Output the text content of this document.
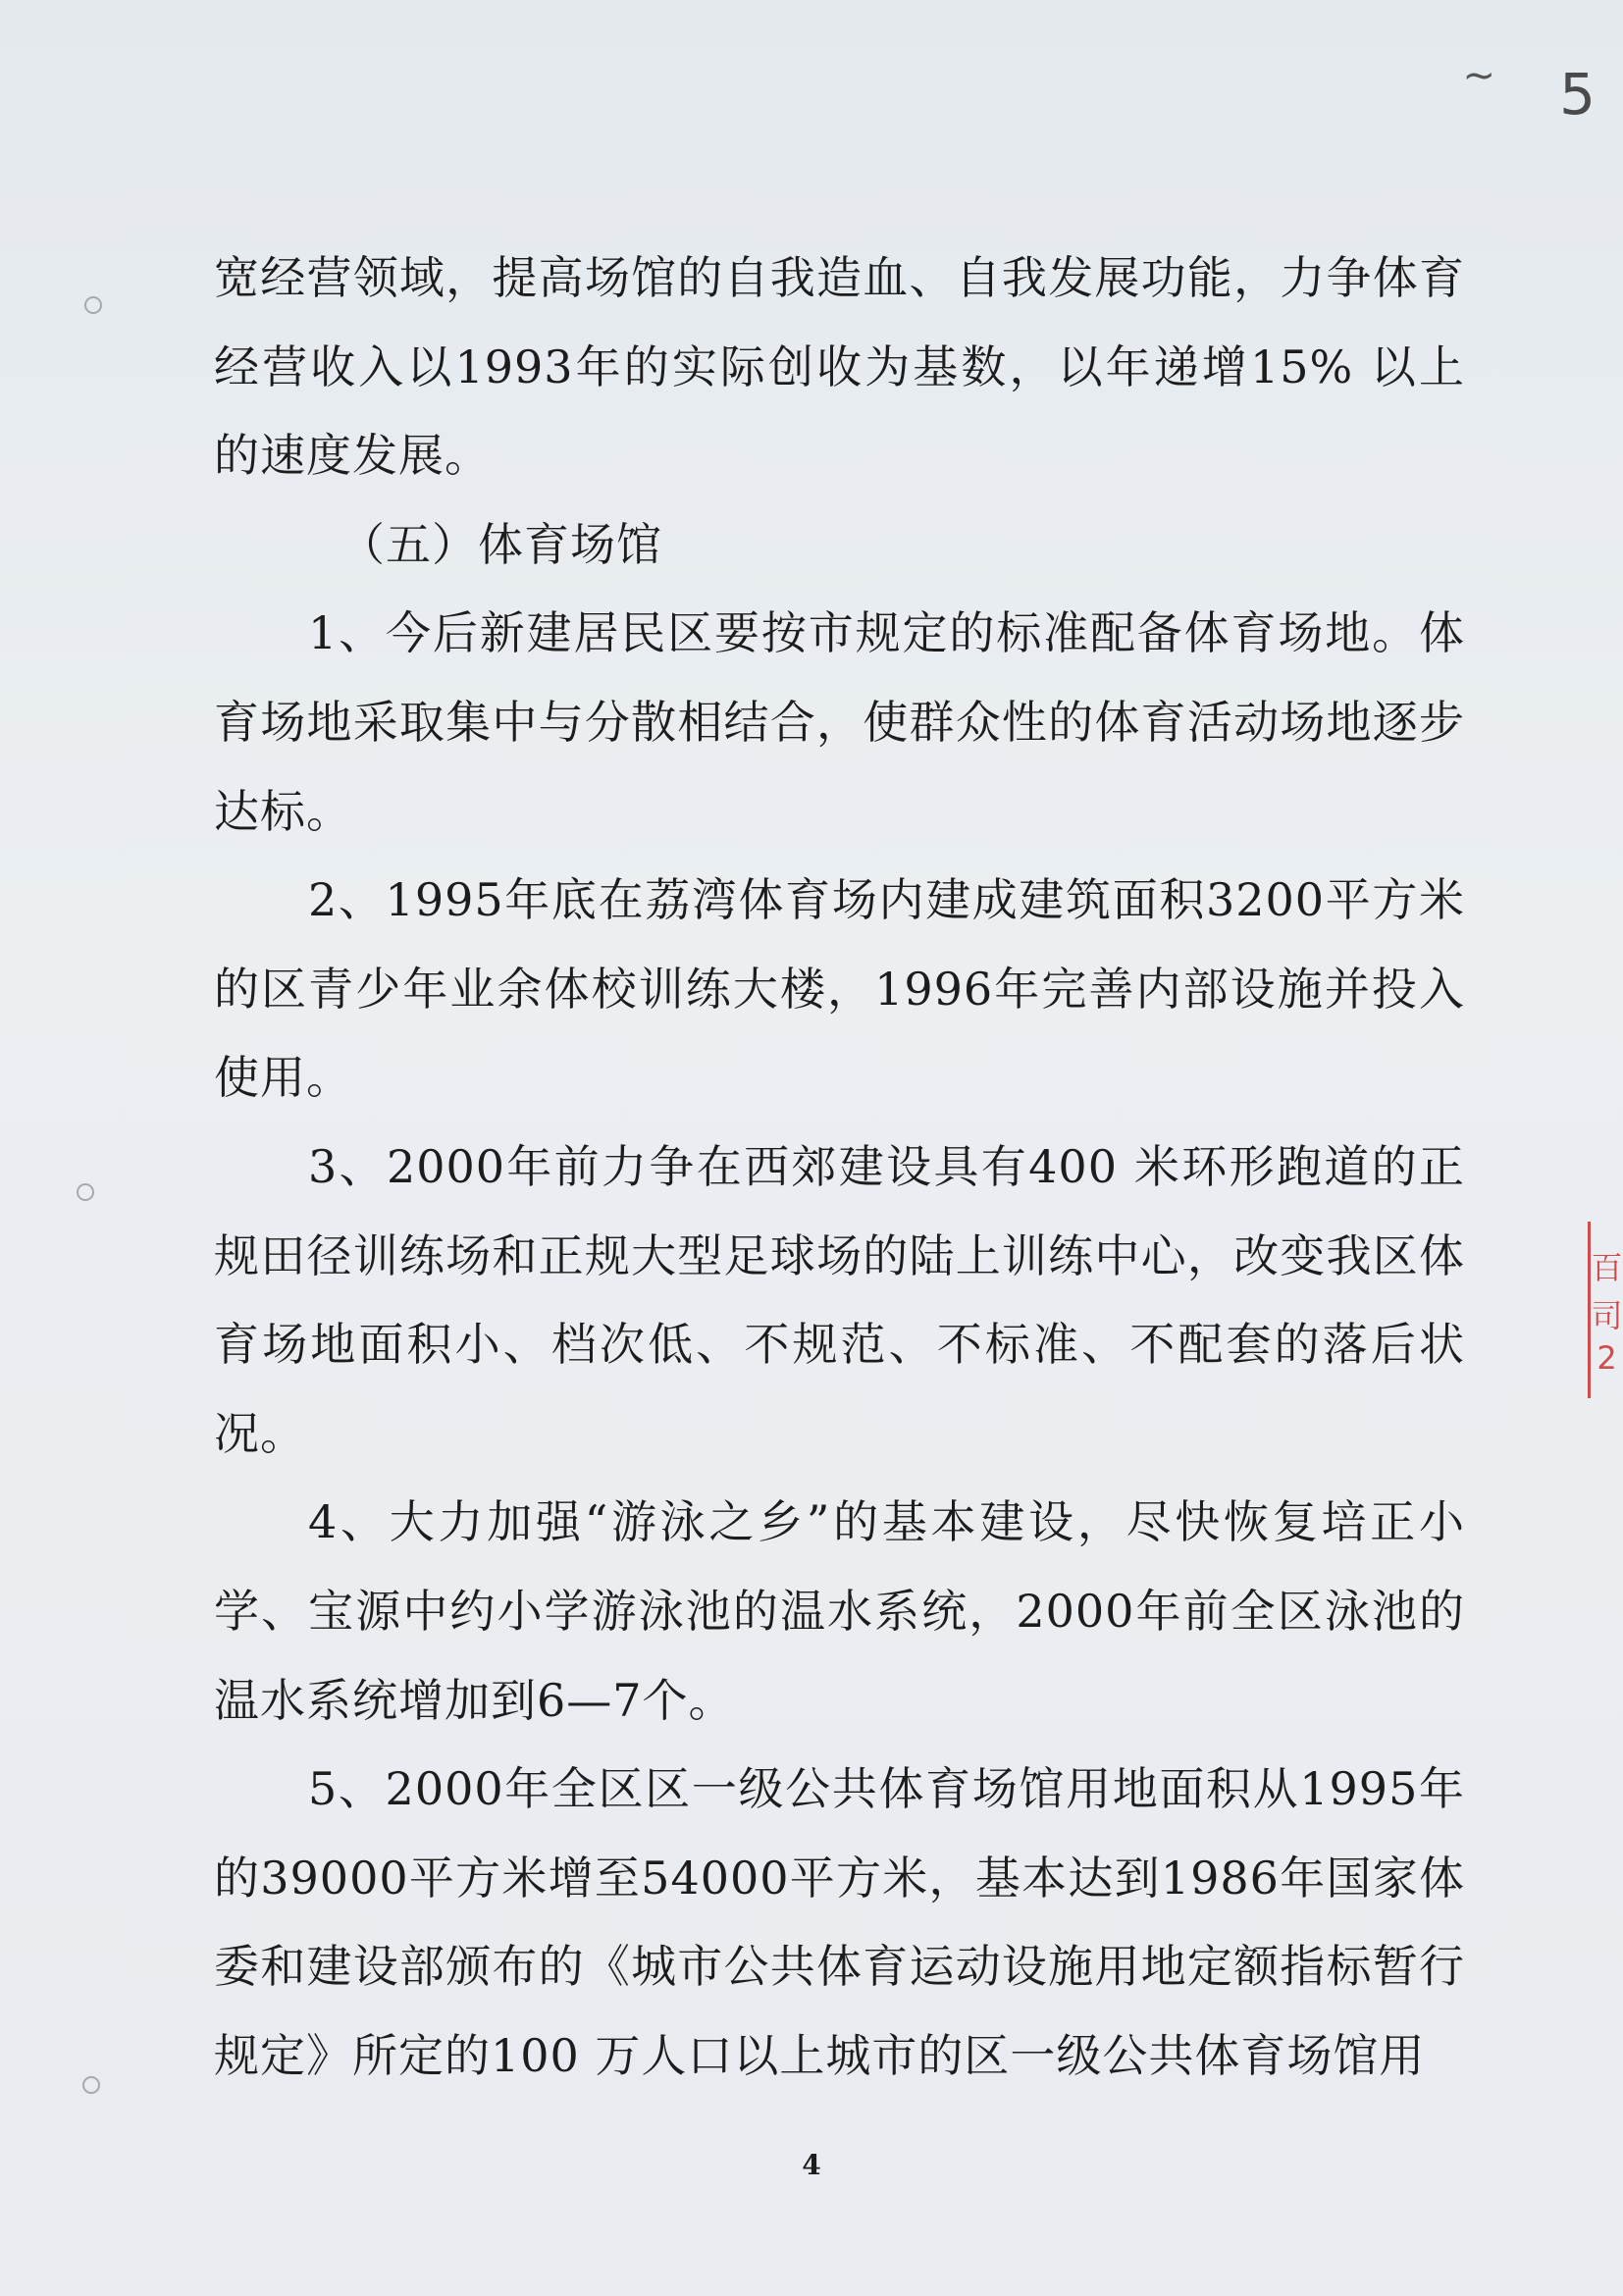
5
~

宽经营领域，提高场馆的自我造血、自我发展功能，力争体育经营收入以1993年的实际创收为基数，以年递增15% 以上的速度发展。

（五）体育场馆

1、今后新建居民区要按市规定的标准配备体育场地。体育场地采取集中与分散相结合，使群众性的体育活动场地逐步达标。

2、1995年底在荔湾体育场内建成建筑面积3200平方米的区青少年业余体校训练大楼，1996年完善内部设施并投入使用。

3、2000年前力争在西郊建设具有400 米环形跑道的正规田径训练场和正规大型足球场的陆上训练中心，改变我区体育场地面积小、档次低、不规范、不标准、不配套的落后状况。

4、大力加强“游泳之乡”的基本建设，尽快恢复培正小学、宝源中约小学游泳池的温水系统，2000年前全区泳池的温水系统增加到6—7个。

5、2000年全区区一级公共体育场馆用地面积从1995年的39000平方米增至54000平方米，基本达到1986年国家体委和建设部颁布的《城市公共体育运动设施用地定额指标暂行规定》所定的100 万人口以上城市的区一级公共体育场馆用

百
司
2
4
